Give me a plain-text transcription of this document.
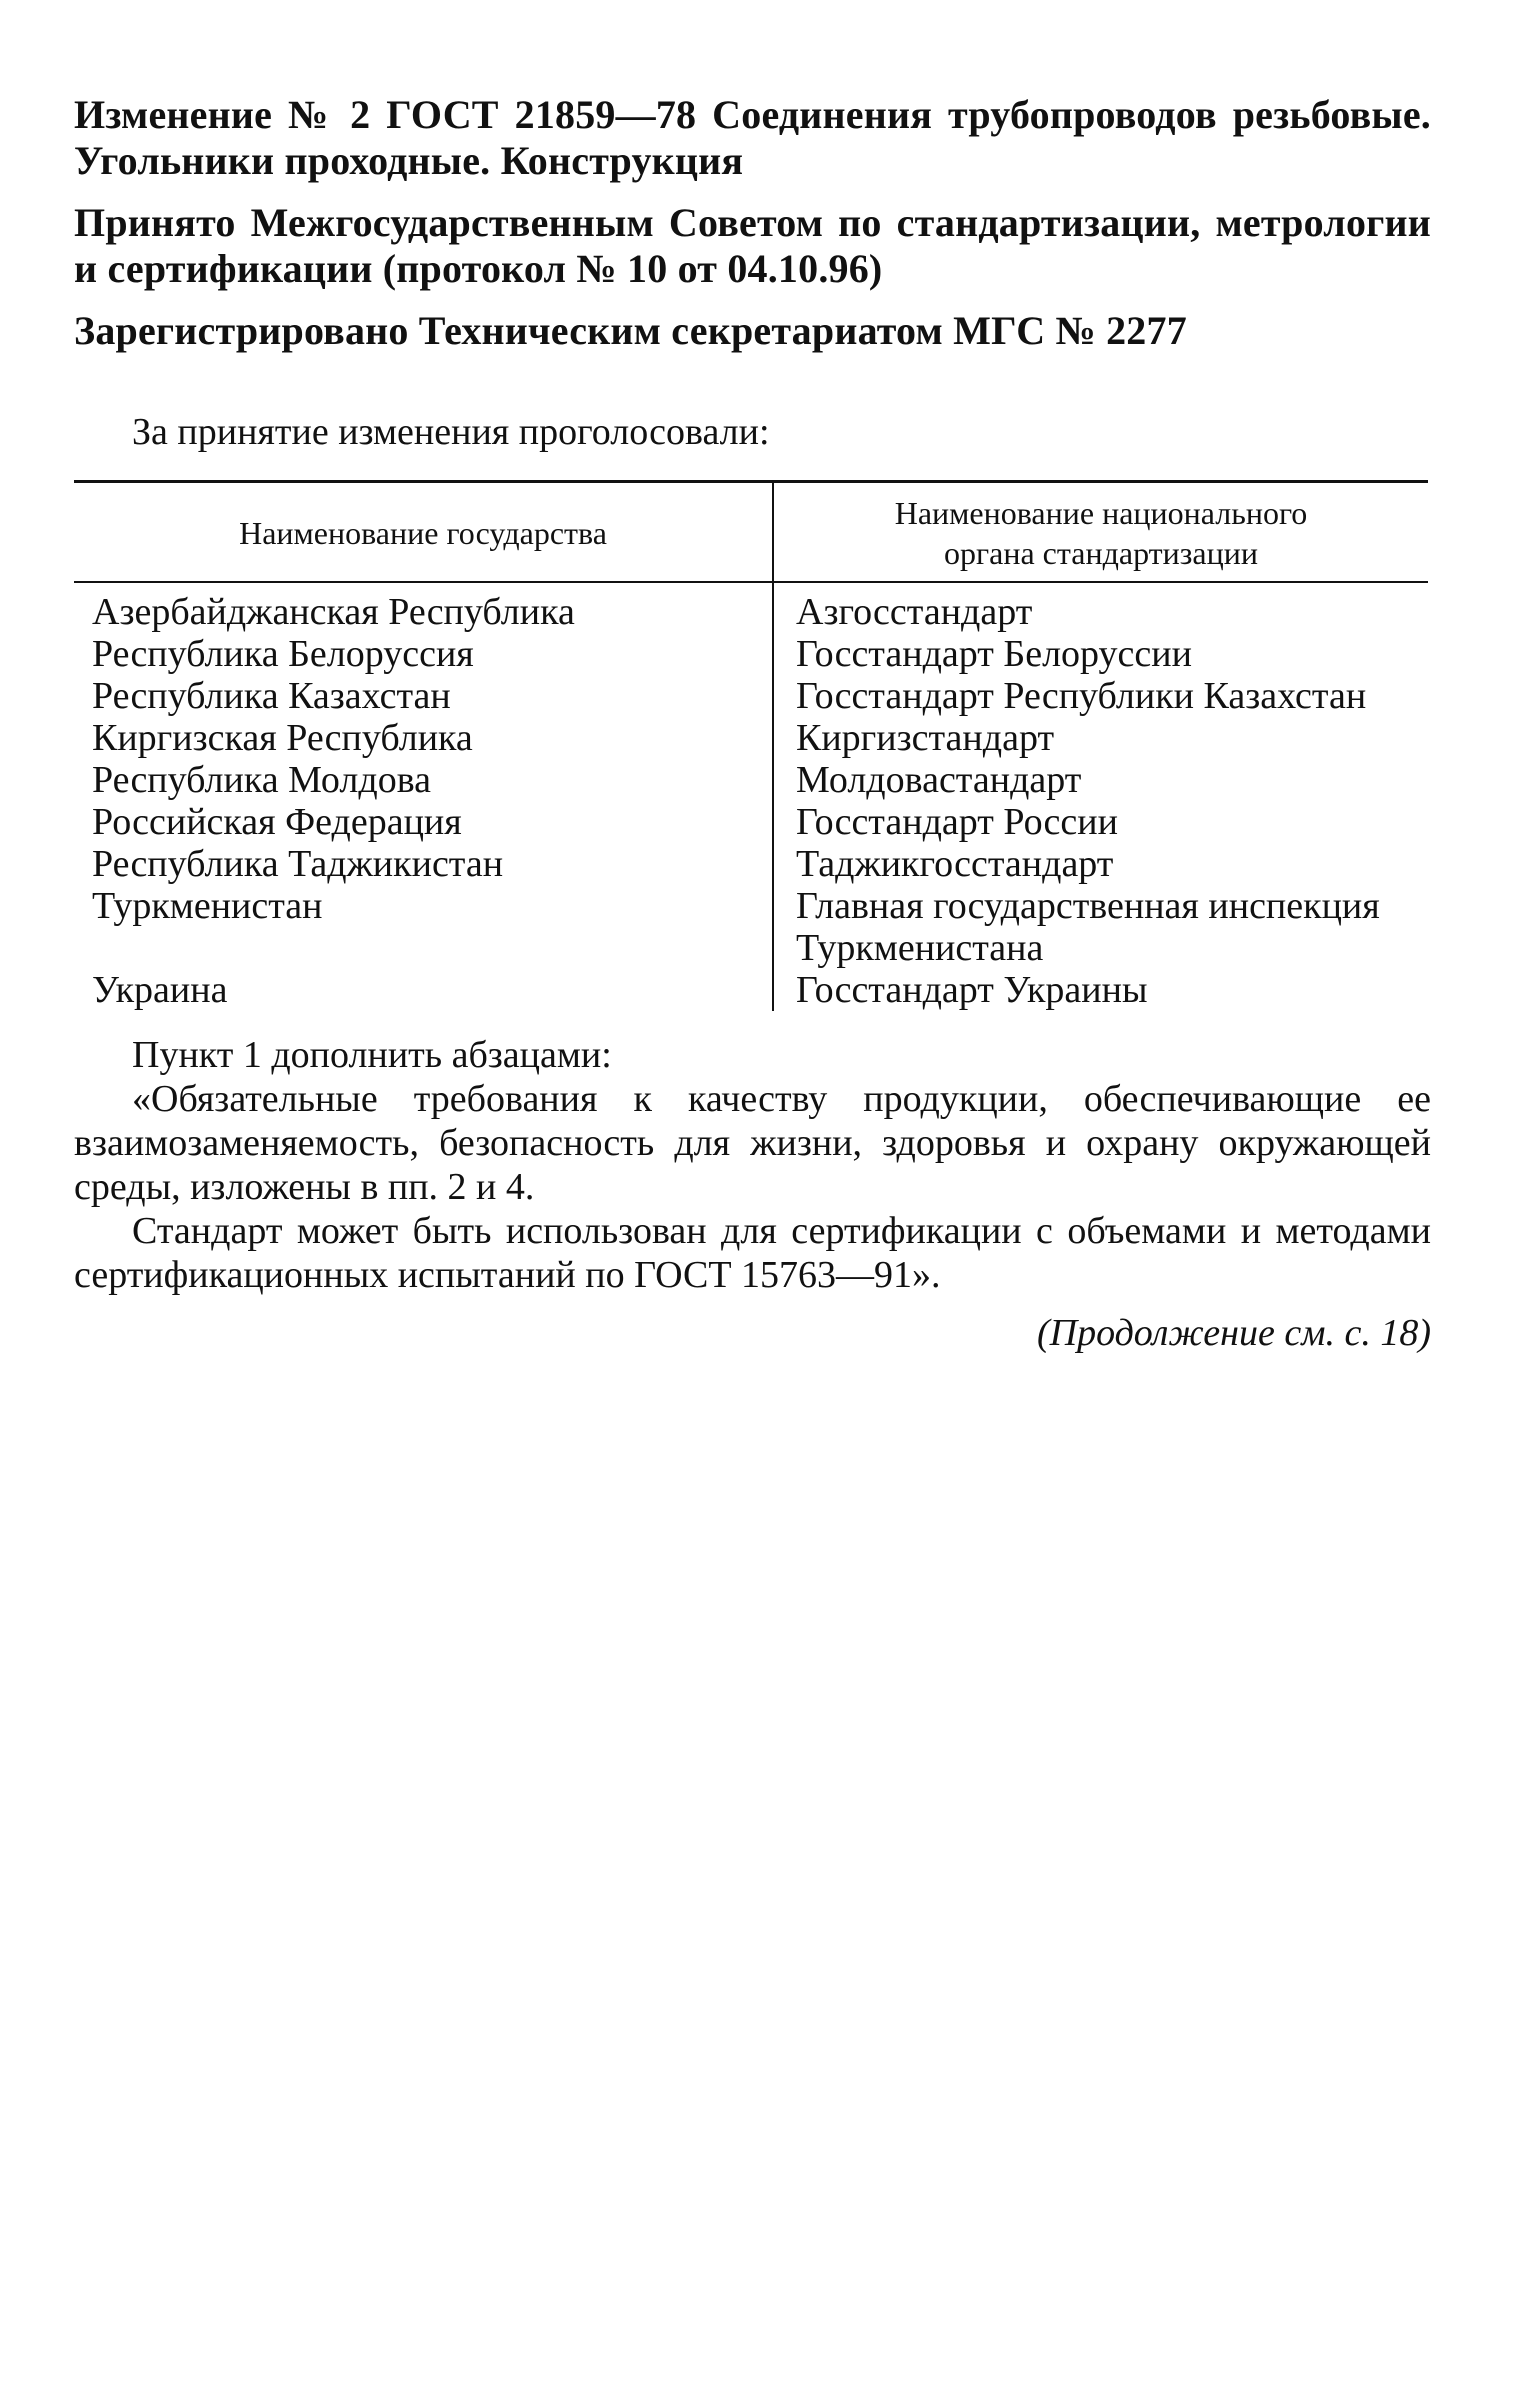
Изменение № 2 ГОСТ 21859—78 Соединения трубопроводов резьбовые. Угольники проходные. Конструкция

Принято Межгосударственным Советом по стандартизации, метрологии и сертификации (протокол № 10 от 04.10.96)

Зарегистрировано Техническим секретариатом МГС № 2277

За принятие изменения проголосовали:

Наименование государства	Наименование национального
органа стандартизации
Азербайджанская Республика	Азгосстандарт
Республика Белоруссия	Госстандарт Белоруссии
Республика Казахстан	Госстандарт Республики Казахстан
Киргизская Республика	Киргизстандарт
Республика Молдова	Молдовастандарт
Российская Федерация	Госстандарт России
Республика Таджикистан	Таджикгосстандарт
Туркменистан	Главная государственная инспекция
Туркменистана
Украина	Госстандарт Украины

Пункт 1 дополнить абзацами:

«Обязательные требования к качеству продукции, обеспечивающие ее взаимозаменяемость, безопасность для жизни, здоровья и охрану окружающей среды, изложены в пп. 2 и 4.

Стандарт может быть использован для сертификации с объемами и методами сертификационных испытаний по ГОСТ 15763—91».

(Продолжение см. с. 18)
